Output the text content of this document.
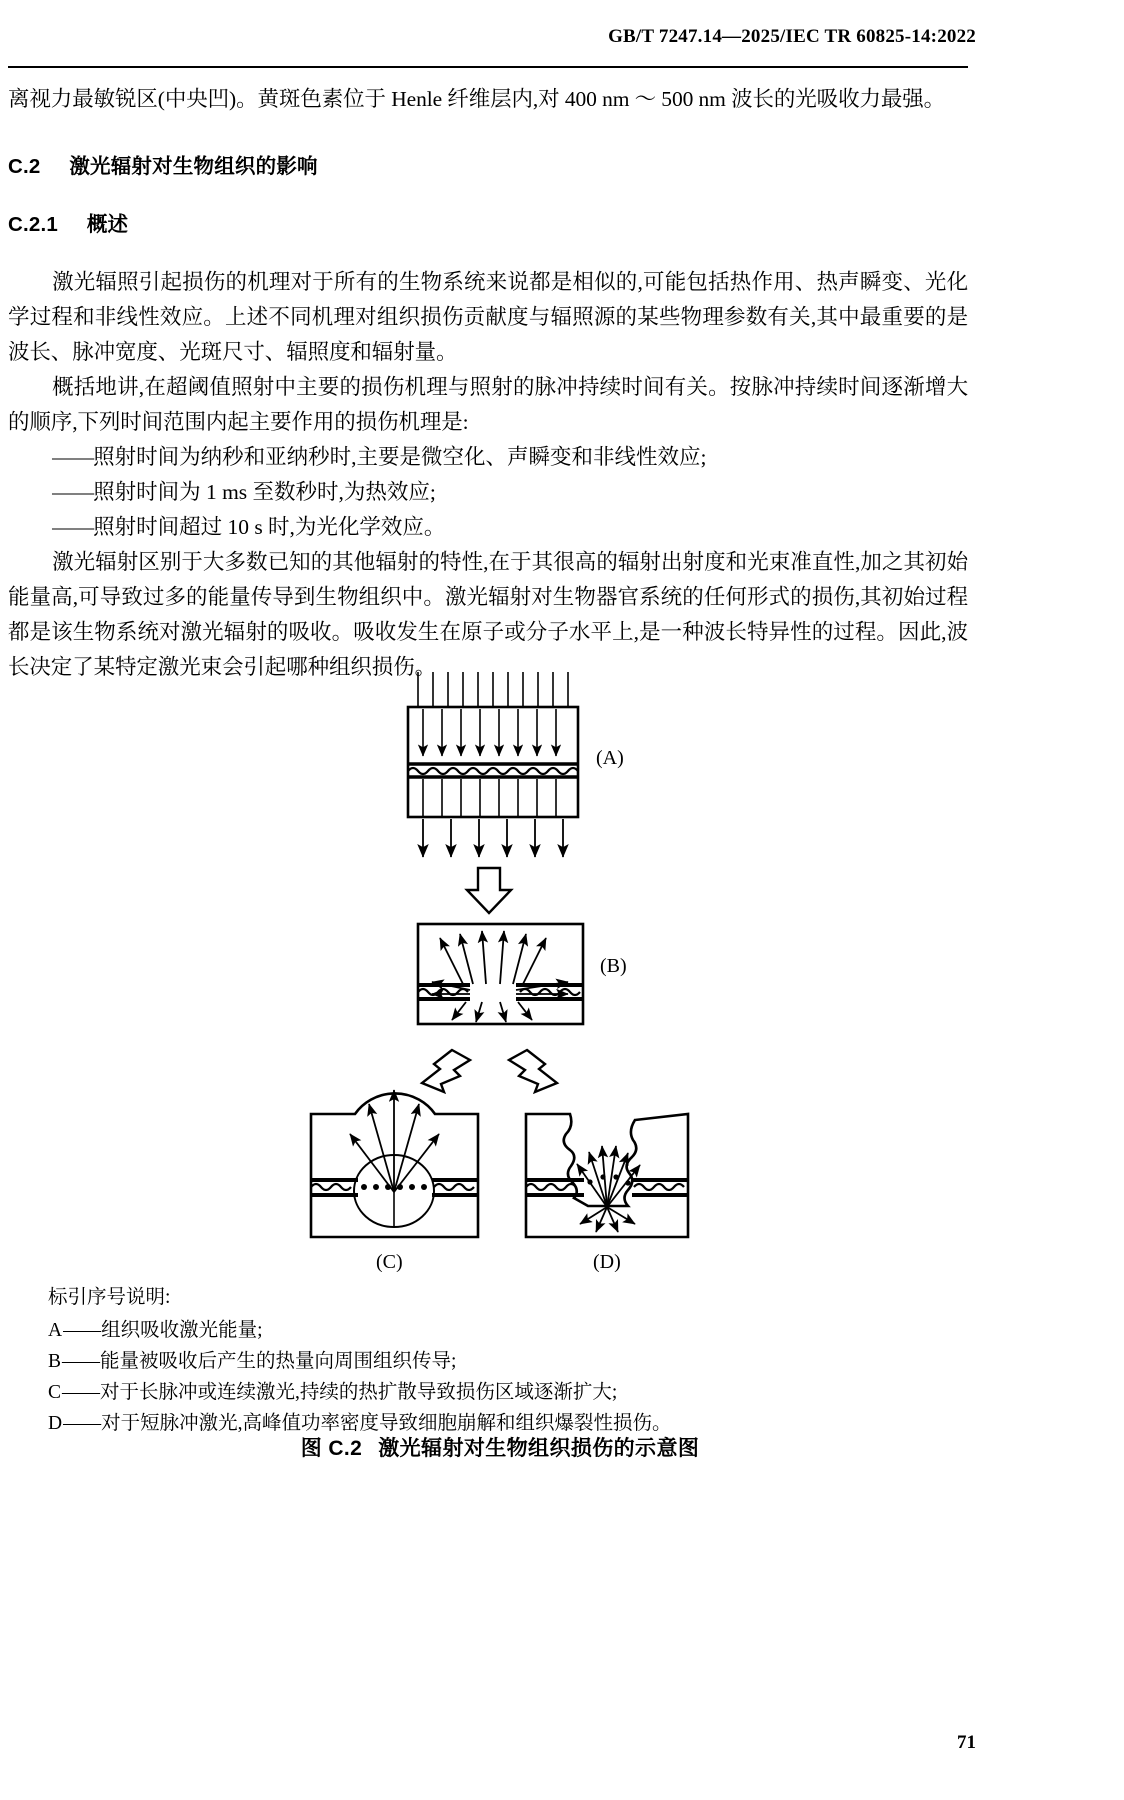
GB/T 7247.14—2025/IEC TR 60825-14:2022

离视力最敏锐区(中央凹)。黄斑色素位于 Henle 纤维层内,对 400 nm ～ 500 nm 波长的光吸收力最强。

C.2 激光辐射对生物组织的影响
C.2.1 概述

激光辐照引起损伤的机理对于所有的生物系统来说都是相似的,可能包括热作用、热声瞬变、光化学过程和非线性效应。上述不同机理对组织损伤贡献度与辐照源的某些物理参数有关,其中最重要的是波长、脉冲宽度、光斑尺寸、辐照度和辐射量。

概括地讲,在超阈值照射中主要的损伤机理与照射的脉冲持续时间有关。按脉冲持续时间逐渐增大的顺序,下列时间范围内起主要作用的损伤机理是:

——照射时间为纳秒和亚纳秒时,主要是微空化、声瞬变和非线性效应;
——照射时间为 1 ms 至数秒时,为热效应;
——照射时间超过 10 s 时,为光化学效应。

激光辐射区别于大多数已知的其他辐射的特性,在于其很高的辐射出射度和光束准直性,加之其初始能量高,可导致过多的能量传导到生物组织中。激光辐射对生物器官系统的任何形式的损伤,其初始过程都是该生物系统对激光辐射的吸收。吸收发生在原子或分子水平上,是一种波长特异性的过程。因此,波长决定了某特定激光束会引起哪种组织损伤。

(A)
(B)
(C)	(D)

标引序号说明:

A——组织吸收激光能量;

B——能量被吸收后产生的热量向周围组织传导;

C——对于长脉冲或连续激光,持续的热扩散导致损伤区域逐渐扩大;

D——对于短脉冲激光,高峰值功率密度导致细胞崩解和组织爆裂性损伤。

图 C.2 激光辐射对生物组织损伤的示意图
71
